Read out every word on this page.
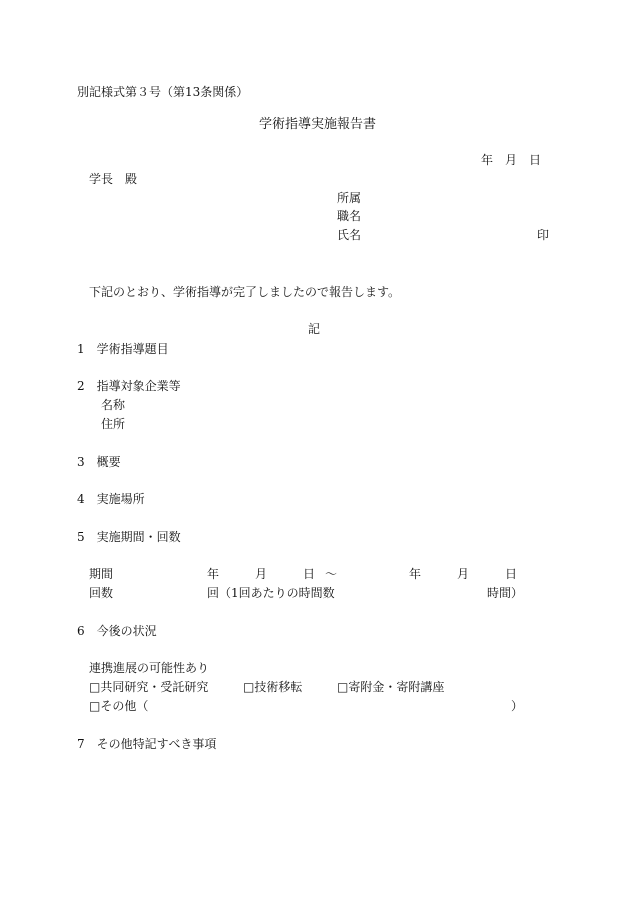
別記様式第３号（第13条関係）
学術指導実施報告書
年 月 日
学長　殿
所属
職名
氏名	印
下記のとおり、学術指導が完了しましたので報告します。
記
1　学術指導題目
2　指導対象企業等
名称
住所
3　概要
4　実施場所
5　実施期間・回数
期間	年	月	日 ～	年	月	日
回数	回（1回あたりの時間数	時間）
6　今後の状況
連携進展の可能性あり
□共同研究・受託研究	□技術移転	□寄附金・寄附講座
□その他（	）
7　その他特記すべき事項
